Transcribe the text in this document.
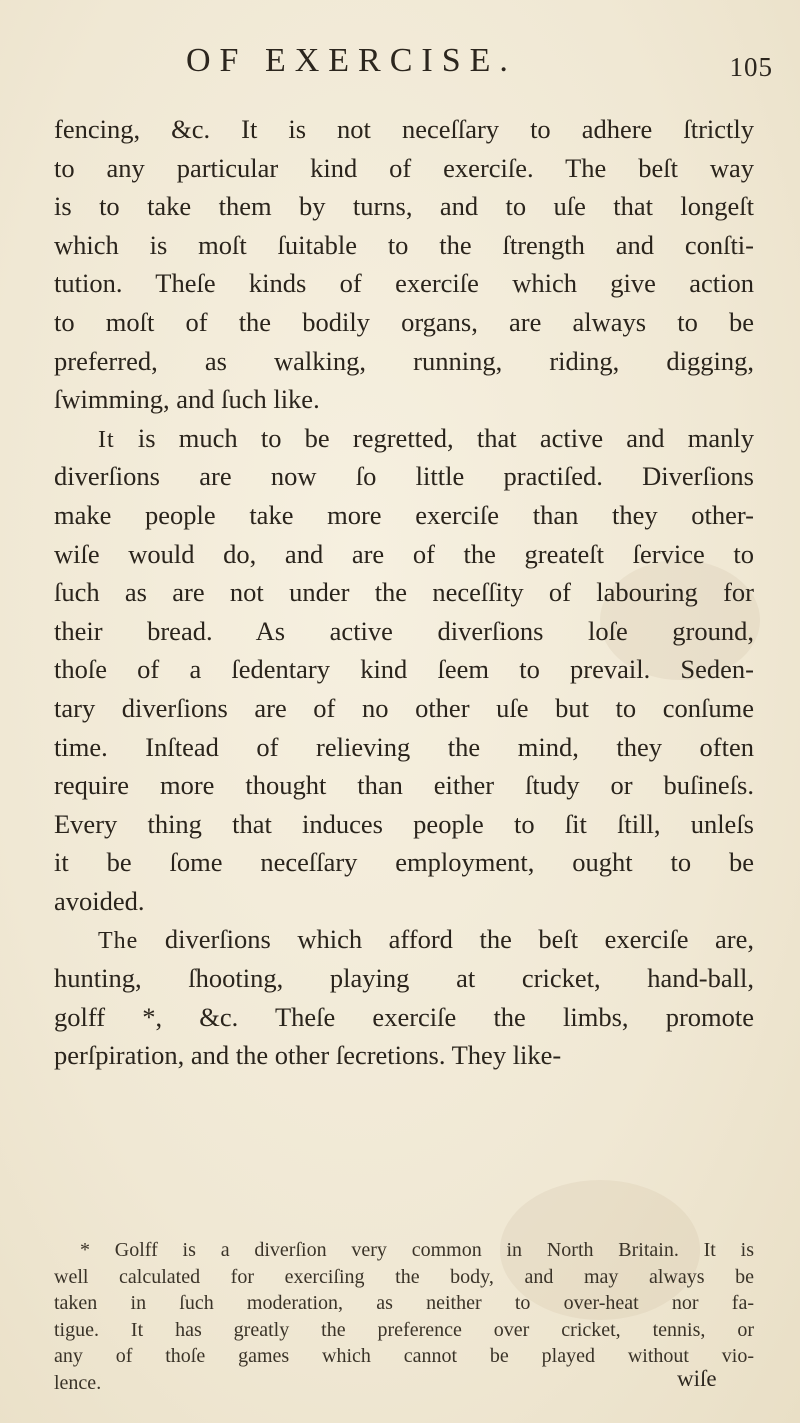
OF EXERCISE.	105
fencing, &c. It is not neceſſary to adhere ſtrictly
to any particular kind of exerciſe. The beſt way
is to take them by turns, and to uſe that longeſt
which is moſt ſuitable to the ſtrength and conſti-
tution. Theſe kinds of exerciſe which give action
to moſt of the bodily organs, are always to be
preferred, as walking, running, riding, digging,
ſwimming, and ſuch like.
It is much to be regretted, that active and manly
diverſions are now ſo little practiſed. Diverſions
make people take more exerciſe than they other-
wiſe would do, and are of the greateſt ſervice to
ſuch as are not under the neceſſity of labouring for
their bread. As active diverſions loſe ground,
thoſe of a ſedentary kind ſeem to prevail. Seden-
tary diverſions are of no other uſe but to conſume
time. Inſtead of relieving the mind, they often
require more thought than either ſtudy or buſineſs.
Every thing that induces people to ſit ſtill, unleſs
it be ſome neceſſary employment, ought to be
avoided.
The diverſions which afford the beſt exerciſe are,
hunting, ſhooting, playing at cricket, hand-ball,
golff *, &c. Theſe exerciſe the limbs, promote
perſpiration, and the other ſecretions. They like-
* Golff is a diverſion very common in North Britain. It is
well calculated for exerciſing the body, and may always be
taken in ſuch moderation, as neither to over-heat nor fa-
tigue. It has greatly the preference over cricket, tennis, or
any of thoſe games which cannot be played without vio-
lence.	wiſe
